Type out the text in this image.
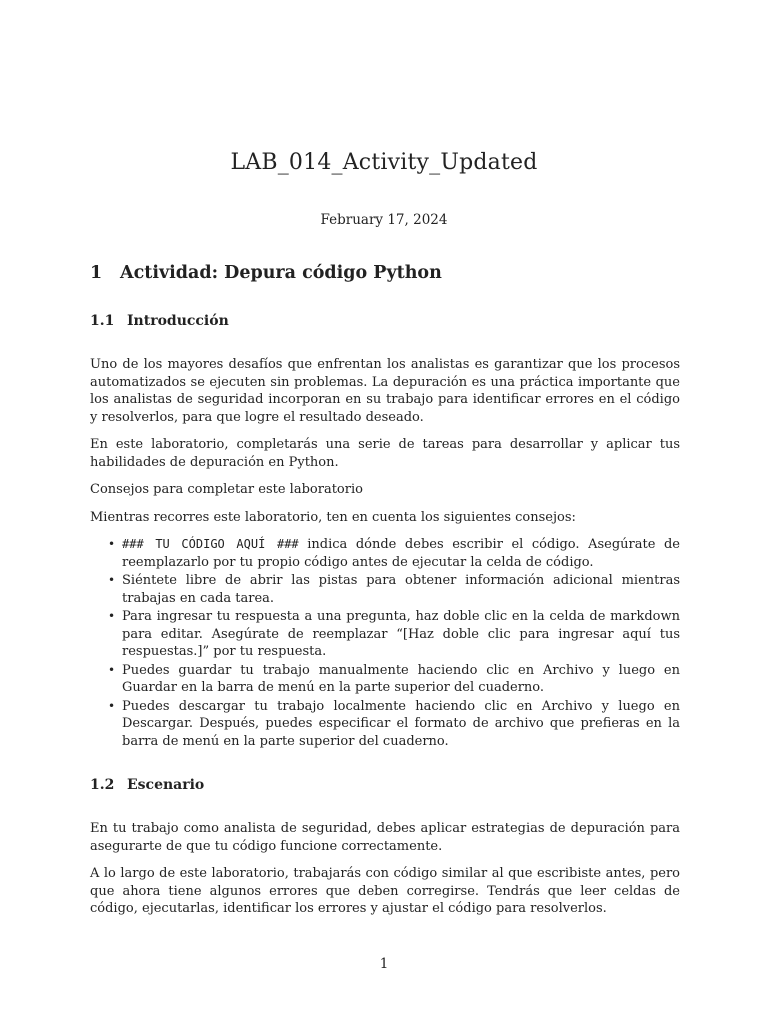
LAB_014_Activity_Updated
February 17, 2024
1 Actividad: Depura código Python
1.1 Introducción

Uno de los mayores desafíos que enfrentan los analistas es garantizar que los procesos automatizados se ejecuten sin problemas. La depuración es una práctica importante que los analistas de seguridad incorporan en su trabajo para identificar errores en el código y resolverlos, para que logre el resultado deseado.

En este laboratorio, completarás una serie de tareas para desarrollar y aplicar tus habilidades de depuración en Python.

Consejos para completar este laboratorio

Mientras recorres este laboratorio, ten en cuenta los siguientes consejos:

• ### TU CÓDIGO AQUÍ ### indica dónde debes escribir el código. Asegúrate de reemplazarlo por tu propio código antes de ejecutar la celda de código.
• Siéntete libre de abrir las pistas para obtener información adicional mientras trabajas en cada tarea.
• Para ingresar tu respuesta a una pregunta, haz doble clic en la celda de markdown para editar. Asegúrate de reemplazar “[Haz doble clic para ingresar aquí tus respuestas.]” por tu respuesta.
• Puedes guardar tu trabajo manualmente haciendo clic en Archivo y luego en Guardar en la barra de menú en la parte superior del cuaderno.
• Puedes descargar tu trabajo localmente haciendo clic en Archivo y luego en Descargar. Después, puedes especificar el formato de archivo que prefieras en la barra de menú en la parte superior del cuaderno.
1.2 Escenario

En tu trabajo como analista de seguridad, debes aplicar estrategias de depuración para asegurarte de que tu código funcione correctamente.

A lo largo de este laboratorio, trabajarás con código similar al que escribiste antes, pero que ahora tiene algunos errores que deben corregirse. Tendrás que leer celdas de código, ejecutarlas, identificar los errores y ajustar el código para resolverlos.

1
